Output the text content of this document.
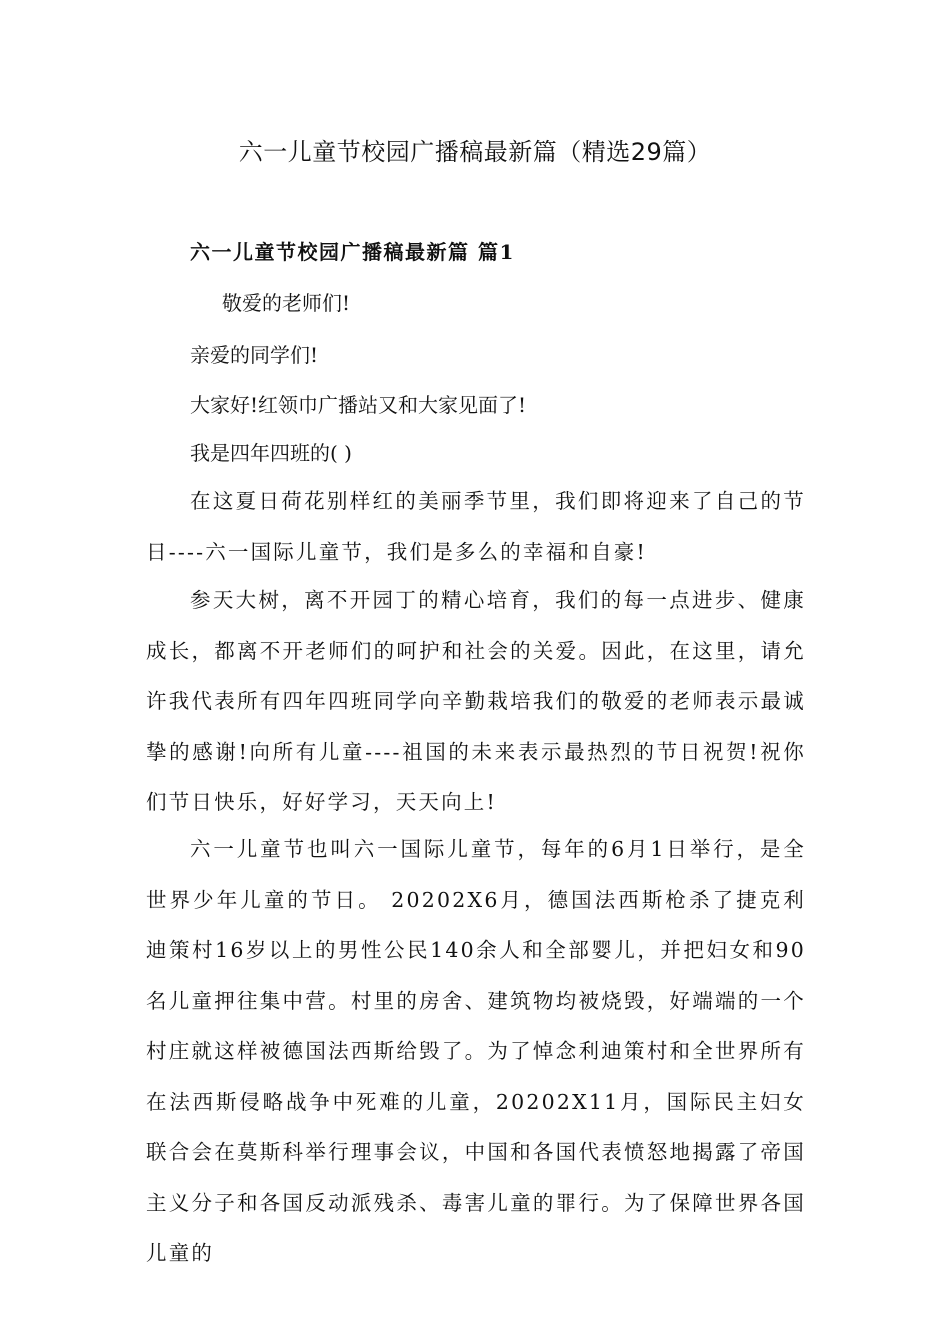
六一儿童节校园广播稿最新篇（精选29篇）
六一儿童节校园广播稿最新篇 篇1

敬爱的老师们!

亲爱的同学们!

大家好!红领巾广播站又和大家见面了!

我是四年四班的( )

在这夏日荷花别样红的美丽季节里，我们即将迎来了自己的节日----六一国际儿童节，我们是多么的幸福和自豪!

参天大树，离不开园丁的精心培育，我们的每一点进步、健康成长，都离不开老师们的呵护和社会的关爱。因此，在这里，请允许我代表所有四年四班同学向辛勤栽培我们的敬爱的老师表示最诚挚的感谢!向所有儿童----祖国的未来表示最热烈的节日祝贺!祝你们节日快乐，好好学习，天天向上!

六一儿童节也叫六一国际儿童节，每年的6月1日举行，是全世界少年儿童的节日。 20202X6月，德国法西斯枪杀了捷克利迪策村16岁以上的男性公民140余人和全部婴儿，并把妇女和90名儿童押往集中营。村里的房舍、建筑物均被烧毁，好端端的一个村庄就这样被德国法西斯给毁了。为了悼念利迪策村和全世界所有在法西斯侵略战争中死难的儿童，20202X11月，国际民主妇女联合会在莫斯科举行理事会议，中国和各国代表愤怒地揭露了帝国主义分子和各国反动派残杀、毒害儿童的罪行。为了保障世界各国儿童的
